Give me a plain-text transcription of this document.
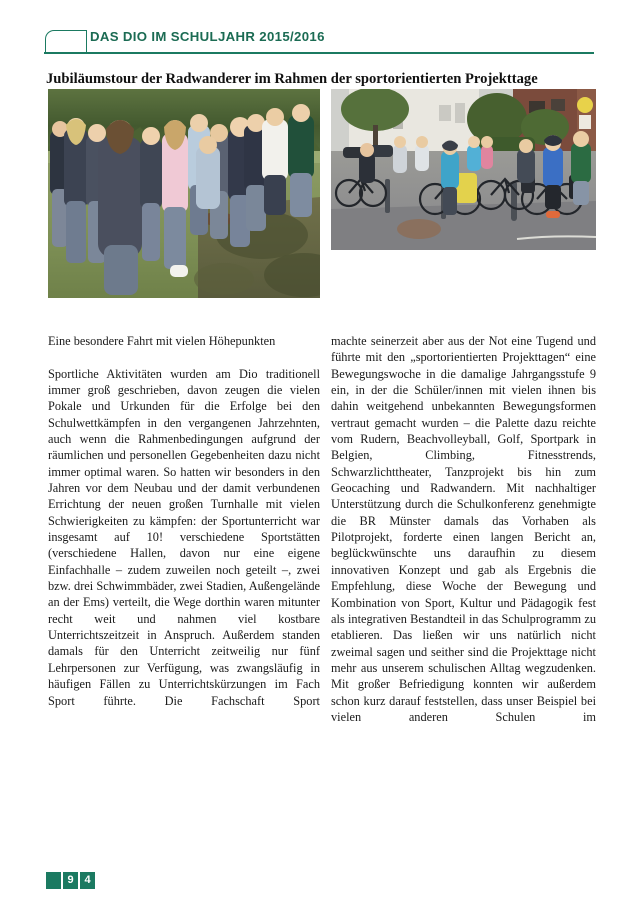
DAS DIO IM SCHULJAHR 2015/2016
Jubiläumstour der Radwanderer im Rahmen der sportorientierten Projekttage

Eine besondere Fahrt mit vielen Höhepunkten

Sportliche Aktivitäten wurden am Dio traditionell immer groß geschrieben, davon zeugen die vielen Pokale und Urkunden für die Erfolge bei den Schulwettkämpfen in den vergangenen Jahrzehnten, auch wenn die Rahmenbedingungen aufgrund der räumlichen und personellen Gegebenheiten dazu nicht immer optimal waren. So hatten wir besonders in den Jahren vor dem Neubau und der damit verbundenen Errichtung der neuen großen Turnhalle mit vielen Schwierigkeiten zu kämpfen: der Sportunterricht war insgesamt auf 10! verschiedene Sportstätten (verschiedene Hallen, davon nur eine eigene Einfachhalle – zudem zuweilen noch geteilt –, zwei bzw. drei Schwimmbäder, zwei Stadien, Außengelände an der Ems) verteilt, die Wege dorthin waren mitunter recht weit und nahmen viel kostbare Unterrichtszeitzeit in Anspruch. Außerdem standen damals für den Unterricht zeitweilig nur fünf Lehrpersonen zur Verfügung, was zwangsläufig in häufigen Fällen zu Unterrichtskürzungen im Fach Sport führte. Die Fachschaft Sport

machte seinerzeit aber aus der Not eine Tugend und führte mit den „sportorientierten Projekttagen“ eine Bewegungswoche in die damalige Jahrgangsstufe 9 ein, in der die Schüler/innen mit vielen ihnen bis dahin weitgehend unbekannten Bewegungsformen vertraut gemacht wurden – die Palette dazu reichte vom Rudern, Beachvolleyball, Golf, Sportpark in Belgien, Climbing, Fitnesstrends, Schwarzlichttheater, Tanzprojekt bis hin zum Geocaching und Radwandern. Mit nachhaltiger Unterstützung durch die Schulkonferenz genehmigte die BR Münster damals das Vorhaben als Pilotprojekt, forderte einen langen Bericht an, beglückwünschte uns daraufhin zu diesem innovativen Konzept und gab als Ergebnis die Empfehlung, diese Woche der Bewegung und Kombination von Sport, Kultur und Pädagogik fest als integrativen Bestandteil in das Schulprogramm zu etablieren. Das ließen wir uns natürlich nicht zweimal sagen und seither sind die Projekttage nicht mehr aus unserem schulischen Alltag wegzudenken. Mit großer Befriedigung konnten wir außerdem schon kurz darauf feststellen, dass unser Beispiel bei vielen anderen Schulen im

9 4
